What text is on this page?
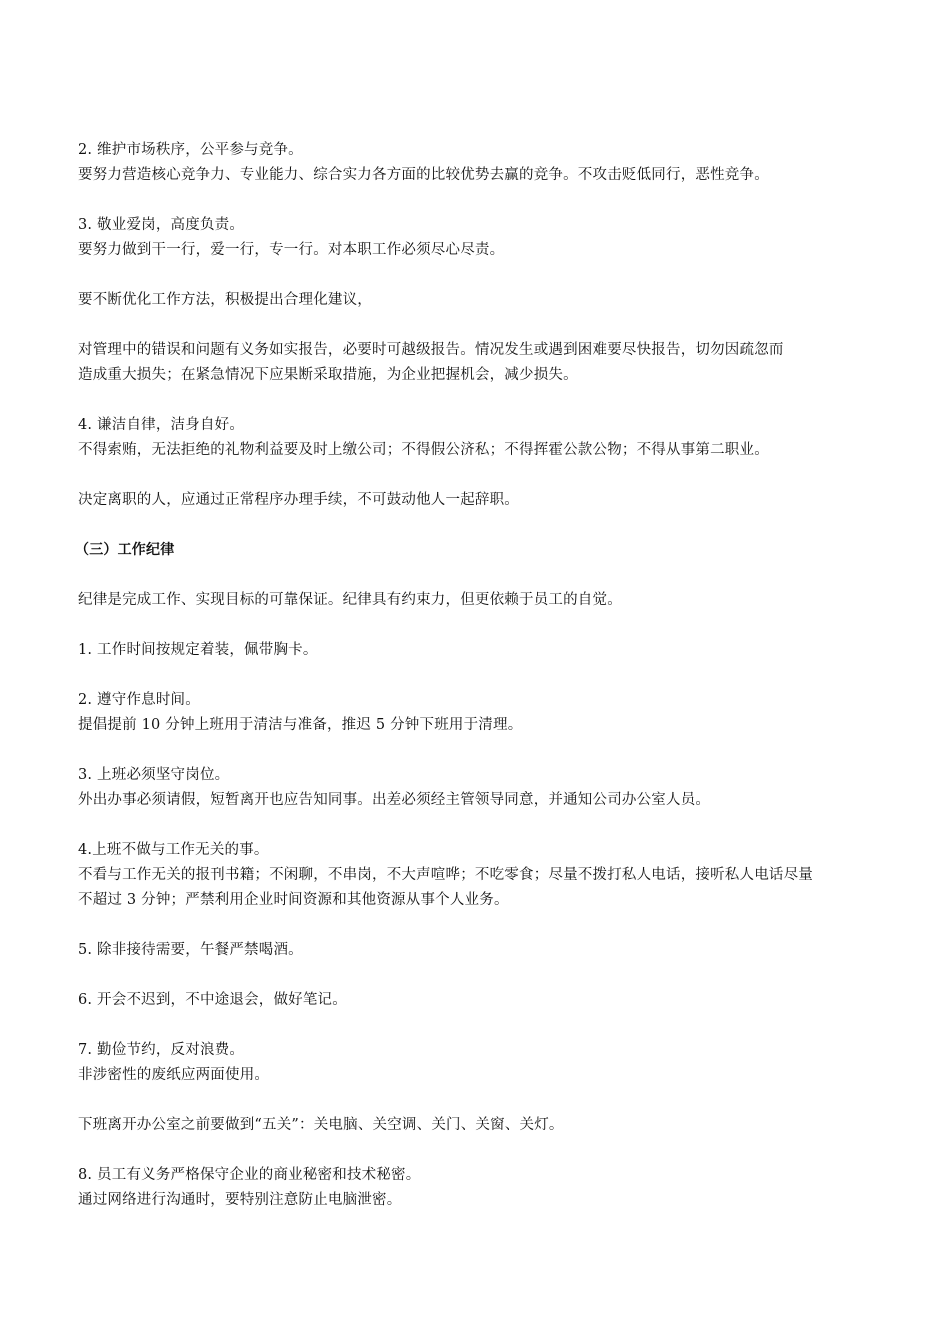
2. 维护市场秩序，公平参与竞争。
要努力营造核心竞争力、专业能力、综合实力各方面的比较优势去赢的竞争。不攻击贬低同行，恶性竞争。
3. 敬业爱岗，高度负责。
要努力做到干一行，爱一行，专一行。对本职工作必须尽心尽责。
要不断优化工作方法，积极提出合理化建议，
对管理中的错误和问题有义务如实报告，必要时可越级报告。情况发生或遇到困难要尽快报告，切勿因疏忽而
造成重大损失；在紧急情况下应果断采取措施，为企业把握机会，减少损失。
4. 谦洁自律，洁身自好。
不得索贿，无法拒绝的礼物利益要及时上缴公司；不得假公济私；不得挥霍公款公物；不得从事第二职业。
决定离职的人，应通过正常程序办理手续，不可鼓动他人一起辞职。
（三）工作纪律
纪律是完成工作、实现目标的可靠保证。纪律具有约束力，但更依赖于员工的自觉。
1. 工作时间按规定着装，佩带胸卡。
2. 遵守作息时间。
提倡提前 10 分钟上班用于清洁与准备，推迟 5 分钟下班用于清理。
3. 上班必须坚守岗位。
外出办事必须请假，短暂离开也应告知同事。出差必须经主管领导同意，并通知公司办公室人员。
4.上班不做与工作无关的事。
不看与工作无关的报刊书籍；不闲聊，不串岗，不大声喧哗；不吃零食；尽量不拨打私人电话，接听私人电话尽量
不超过 3 分钟；严禁利用企业时间资源和其他资源从事个人业务。
5. 除非接待需要，午餐严禁喝酒。
6. 开会不迟到，不中途退会，做好笔记。
7. 勤俭节约，反对浪费。
非涉密性的废纸应两面使用。
下班离开办公室之前要做到“五关”：关电脑、关空调、关门、关窗、关灯。
8. 员工有义务严格保守企业的商业秘密和技术秘密。
通过网络进行沟通时，要特别注意防止电脑泄密。
